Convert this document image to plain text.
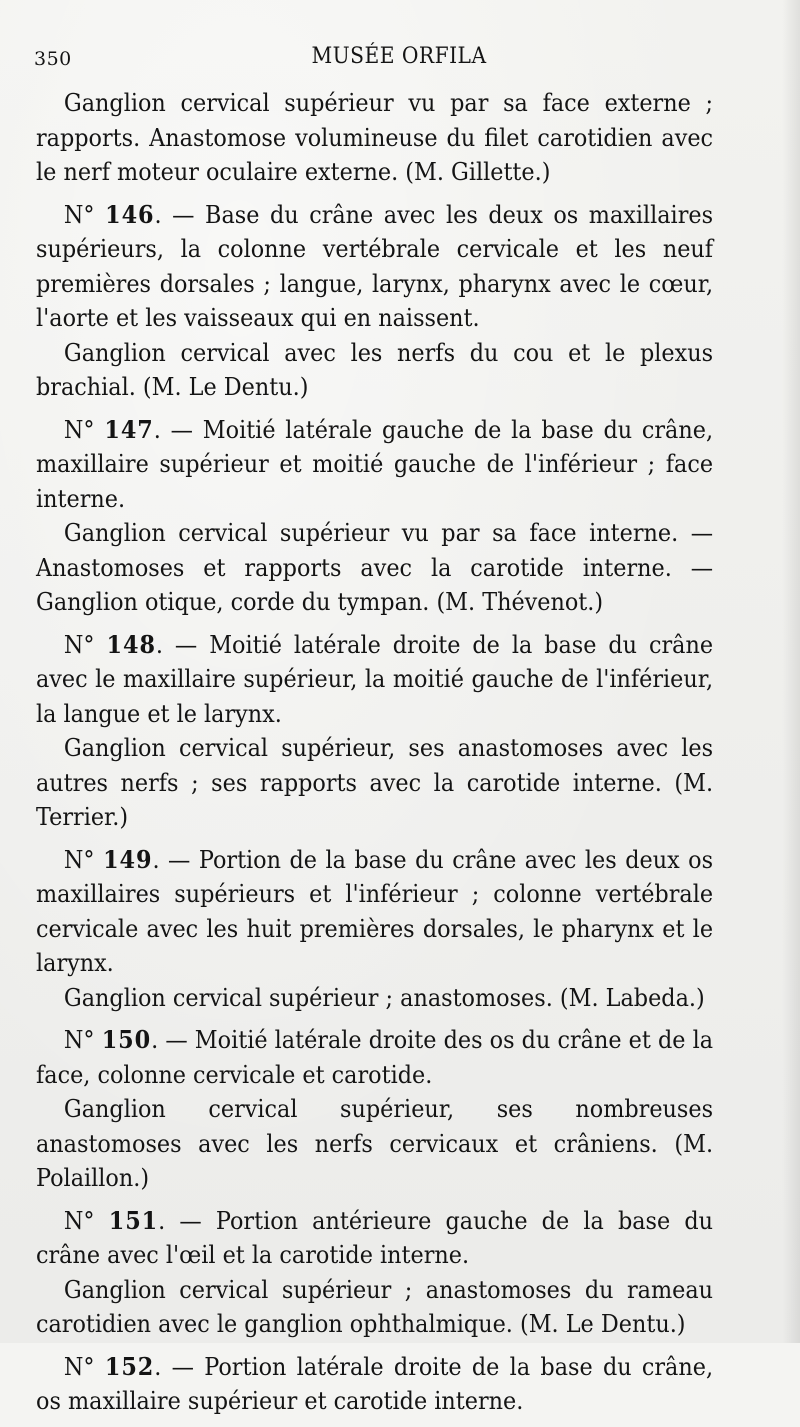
350	MUSÉE ORFILA

Ganglion cervical supérieur vu par sa face externe ; rapports. Anastomose volumineuse du filet carotidien avec le nerf moteur oculaire externe. (M. Gillette.)

N° 146. — Base du crâne avec les deux os maxillaires supérieurs, la colonne vertébrale cervicale et les neuf premières dorsales ; langue, larynx, pharynx avec le cœur, l'aorte et les vaisseaux qui en naissent.

Ganglion cervical avec les nerfs du cou et le plexus brachial. (M. Le Dentu.)

N° 147. — Moitié latérale gauche de la base du crâne, maxillaire supérieur et moitié gauche de l'inférieur ; face interne.

Ganglion cervical supérieur vu par sa face interne. — Anastomoses et rapports avec la carotide interne. — Ganglion otique, corde du tympan. (M. Thévenot.)

N° 148. — Moitié latérale droite de la base du crâne avec le maxillaire supérieur, la moitié gauche de l'inférieur, la langue et le larynx.

Ganglion cervical supérieur, ses anastomoses avec les autres nerfs ; ses rapports avec la carotide interne. (M. Terrier.)

N° 149. — Portion de la base du crâne avec les deux os maxillaires supérieurs et l'inférieur ; colonne vertébrale cervicale avec les huit premières dorsales, le pharynx et le larynx.

Ganglion cervical supérieur ; anastomoses. (M. Labeda.)

N° 150. — Moitié latérale droite des os du crâne et de la face, colonne cervicale et carotide.

Ganglion cervical supérieur, ses nombreuses anastomoses avec les nerfs cervicaux et crâniens. (M. Polaillon.)

N° 151. — Portion antérieure gauche de la base du crâne avec l'œil et la carotide interne.

Ganglion cervical supérieur ; anastomoses du rameau carotidien avec le ganglion ophthalmique. (M. Le Dentu.)

N° 152. — Portion latérale droite de la base du crâne, os maxillaire supérieur et carotide interne.
